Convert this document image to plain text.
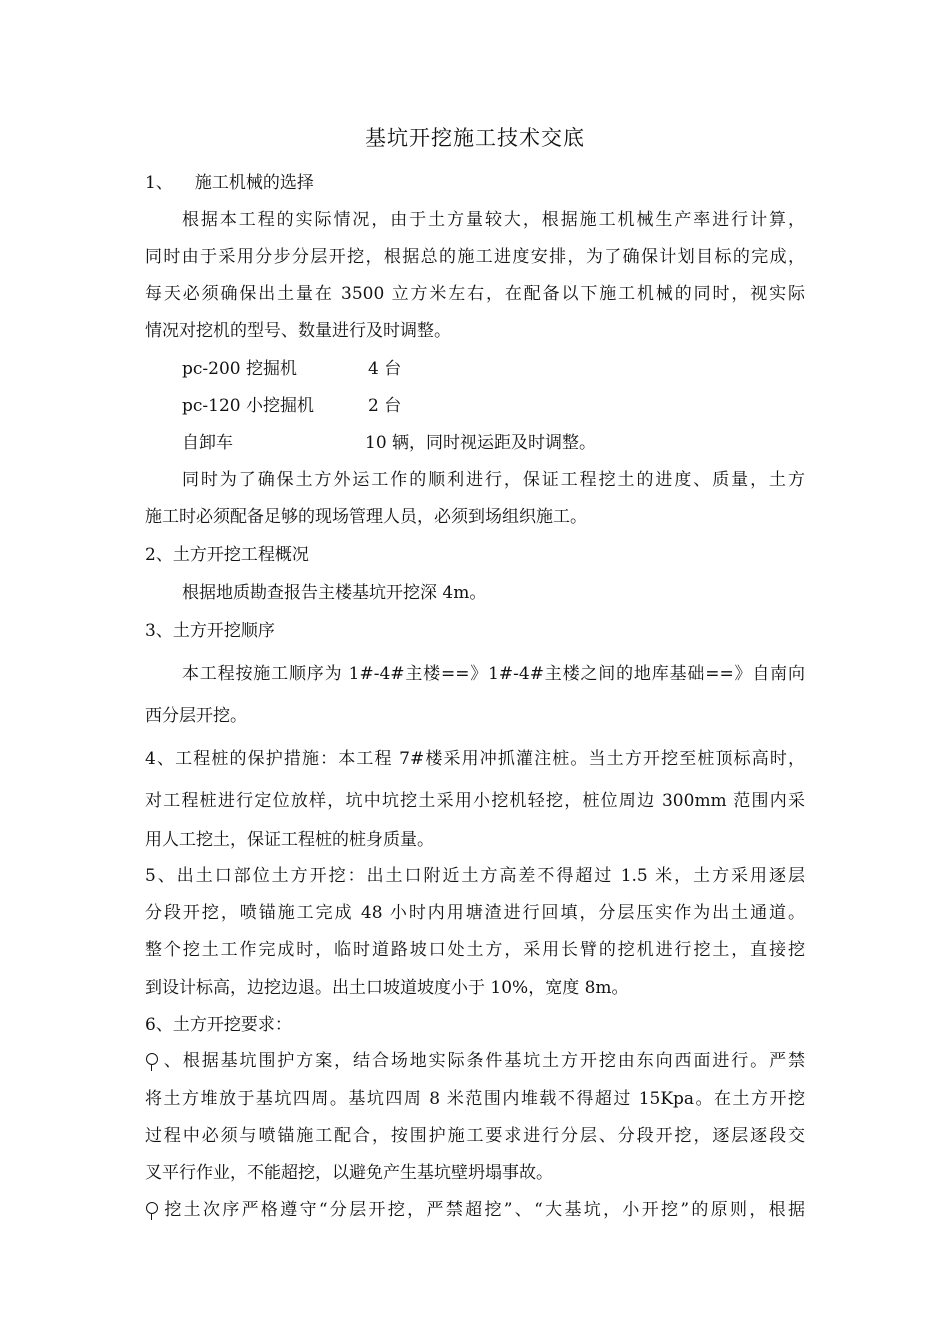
基坑开挖施工技术交底
1、 施工机械的选择
根据本工程的实际情况，由于土方量较大，根据施工机械生产率进行计算，
同时由于采用分步分层开挖，根据总的施工进度安排，为了确保计划目标的完成，
每天必须确保出土量在 3500 立方米左右，在配备以下施工机械的同时，视实际
情况对挖机的型号、数量进行及时调整。
pc-200 挖掘机	4 台
pc-120 小挖掘机	2 台
自卸车	10 辆，同时视运距及时调整。
同时为了确保土方外运工作的顺利进行，保证工程挖土的进度、质量，土方
施工时必须配备足够的现场管理人员，必须到场组织施工。
2、土方开挖工程概况
根据地质勘查报告主楼基坑开挖深 4m。
3、土方开挖顺序
本工程按施工顺序为 1#-4#主楼==》1#-4#主楼之间的地库基础==》自南向
西分层开挖。
4、工程桩的保护措施：本工程 7#楼采用冲抓灌注桩。当土方开挖至桩顶标高时，
对工程桩进行定位放样，坑中坑挖土采用小挖机轻挖，桩位周边 300mm 范围内采
用人工挖土，保证工程桩的桩身质量。
5、出土口部位土方开挖：出土口附近土方高差不得超过 1.5 米，土方采用逐层
分段开挖，喷锚施工完成 48 小时内用塘渣进行回填，分层压实作为出土通道。
整个挖土工作完成时，临时道路坡口处土方，采用长臂的挖机进行挖土，直接挖
到设计标高，边挖边退。出土口坡道坡度小于 10%，宽度 8m。
6、土方开挖要求：
、根据基坑围护方案，结合场地实际条件基坑土方开挖由东向西面进行。严禁
将土方堆放于基坑四周。基坑四周 8 米范围内堆载不得超过 15Kpa。在土方开挖
过程中必须与喷锚施工配合，按围护施工要求进行分层、分段开挖，逐层逐段交
叉平行作业，不能超挖，以避免产生基坑壁坍塌事故。
挖土次序严格遵守“分层开挖，严禁超挖”、“大基坑，小开挖”的原则，根据
